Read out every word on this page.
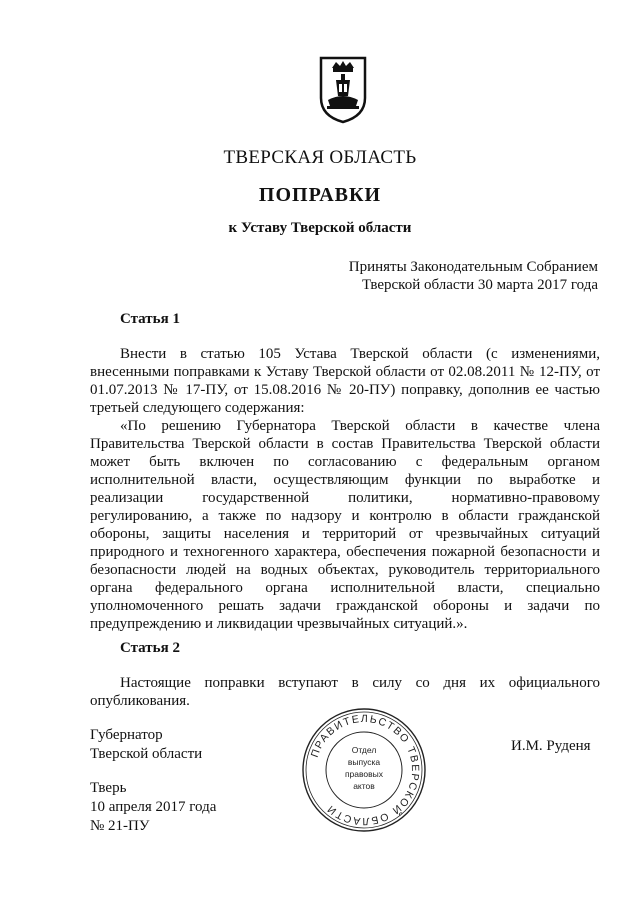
ТВЕРСКАЯ ОБЛАСТЬ
ПОПРАВКИ
к Уставу Тверской области
Приняты Законодательным Собранием
Тверской области 30 марта 2017 года
Статья 1

Внести в статью 105 Устава Тверской области (с изменениями, внесенными поправками к Уставу Тверской области от 02.08.2011 № 12-ПУ, от 01.07.2013 № 17-ПУ, от 15.08.2016 № 20-ПУ) поправку, дополнив ее частью третьей следующего содержания:

«По решению Губернатора Тверской области в качестве члена Правительства Тверской области в состав Правительства Тверской области может быть включен по согласованию с федеральным органом исполнительной власти, осуществляющим функции по выработке и реализации государственной политики, нормативно-правовому регулированию, а также по надзору и контролю в области гражданской обороны, защиты населения и территорий от чрезвычайных ситуаций природного и техногенного характера, обеспечения пожарной безопасности и безопасности людей на водных объектах, руководитель территориального органа федерального органа исполнительной власти, специально уполномоченного решать задачи гражданской обороны и задачи по предупреждению и ликвидации чрезвычайных ситуаций.».

Статья 2

Настоящие поправки вступают в силу со дня их официального опубликования.

Губернатор
Тверской области	И.М. Руденя
Тверь
10 апреля 2017 года
№ 21-ПУ
ПРАВИТЕЛЬСТВО ТВЕРСКОЙ ОБЛАСТИ
Отдел
выпуска
правовых
актов
